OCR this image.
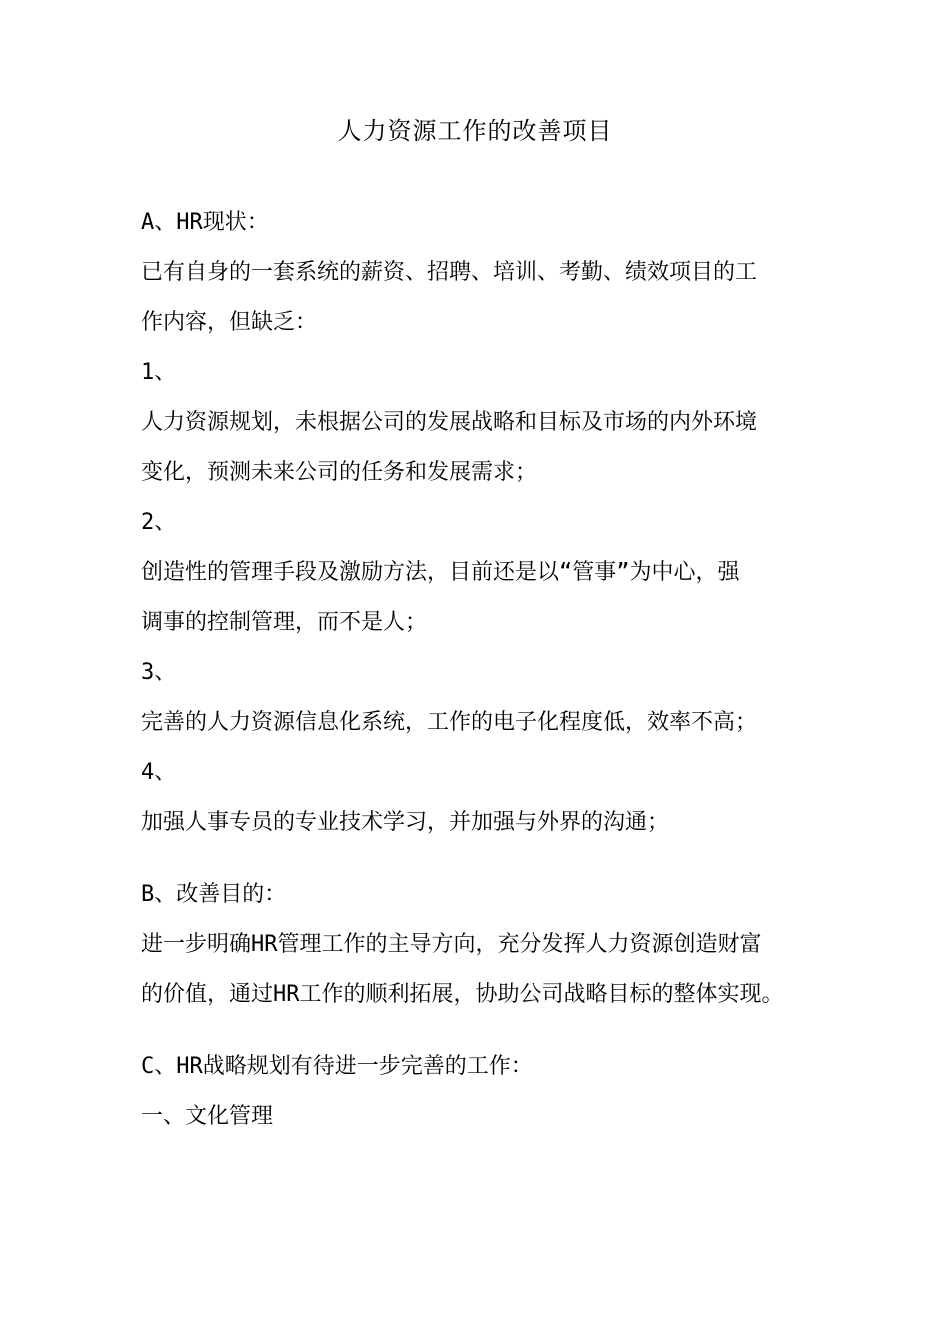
人力资源工作的改善项目
A、HR现状：
已有自身的一套系统的薪资、招聘、培训、考勤、绩效项目的工
作内容，但缺乏：
1、
人力资源规划，未根据公司的发展战略和目标及市场的内外环境
变化，预测未来公司的任务和发展需求；
2、
创造性的管理手段及激励方法，目前还是以“管事”为中心，强
调事的控制管理，而不是人；
3、
完善的人力资源信息化系统，工作的电子化程度低，效率不高；
4、
加强人事专员的专业技术学习，并加强与外界的沟通；
B、改善目的：
进一步明确HR管理工作的主导方向，充分发挥人力资源创造财富
的价值，通过HR工作的顺利拓展，协助公司战略目标的整体实现。
C、HR战略规划有待进一步完善的工作：
一、文化管理
